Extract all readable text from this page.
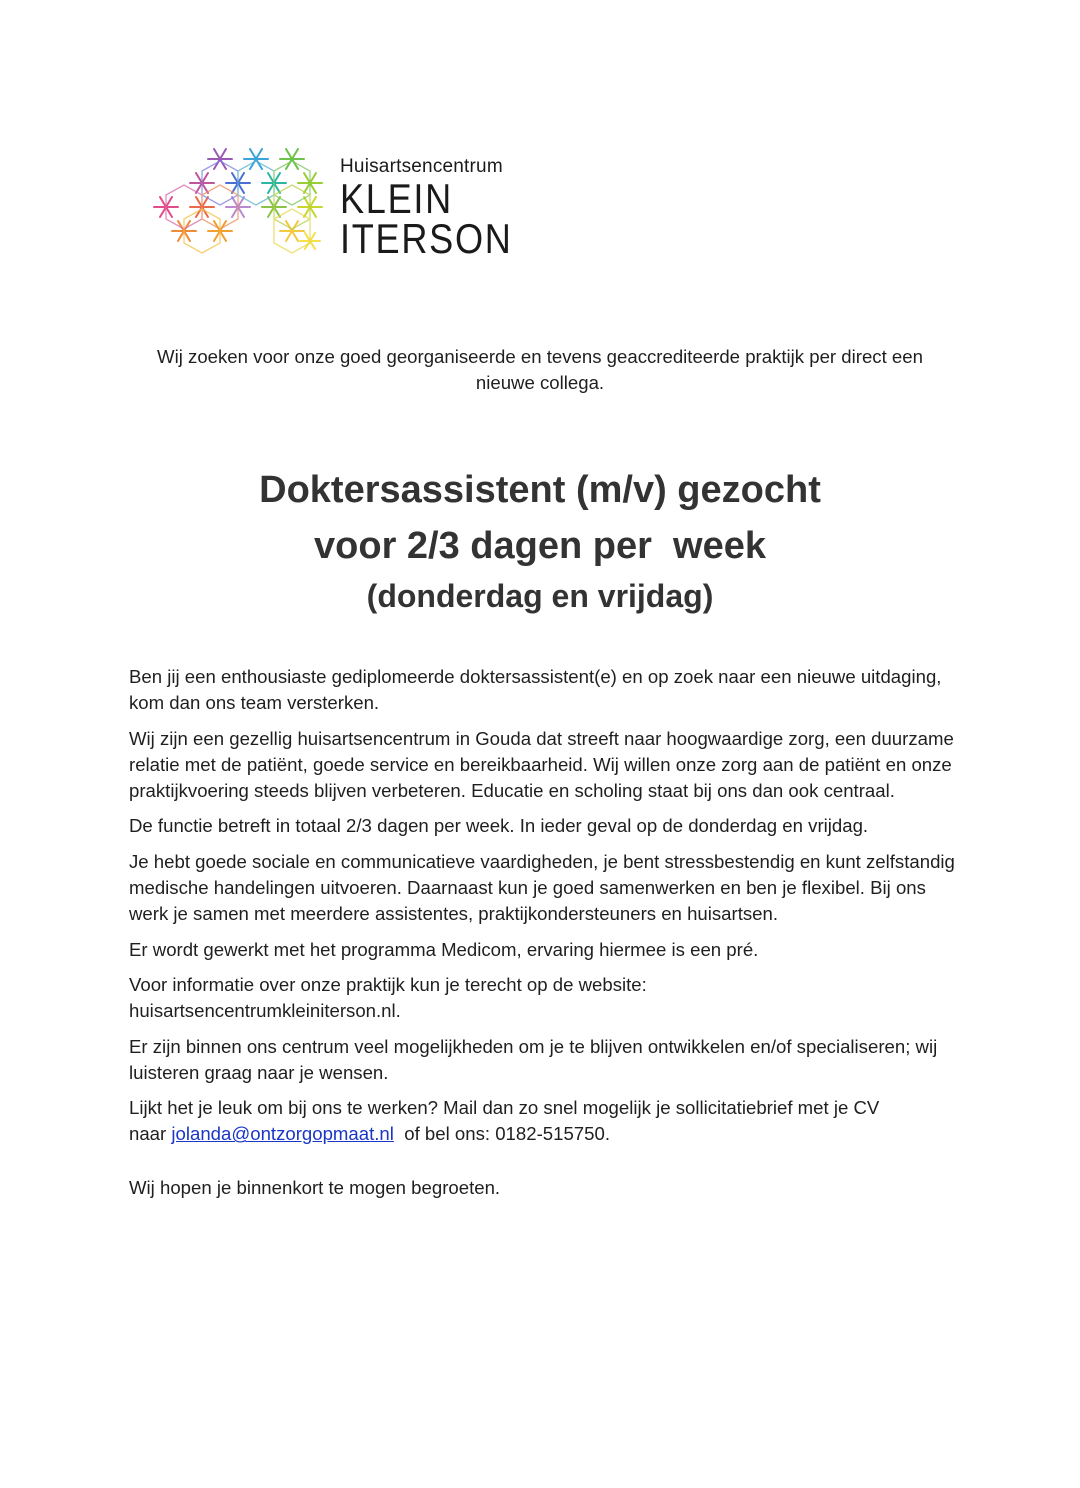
Huisartsencentrum
KLEIN
ITERSON
Wij zoeken voor onze goed georganiseerde en tevens geaccrediteerde praktijk per direct een
nieuwe collega.
Doktersassistent (m/v) gezocht
voor 2/3 dagen per  week
(donderdag en vrijdag)

Ben jij een enthousiaste gediplomeerde doktersassistent(e) en op zoek naar een nieuwe uitdaging, kom dan ons team versterken.

Wij zijn een gezellig huisartsencentrum in Gouda dat streeft naar hoogwaardige zorg, een duurzame relatie met de patiënt, goede service en bereikbaarheid. Wij willen onze zorg aan de patiënt en onze praktijkvoering steeds blijven verbeteren. Educatie en scholing staat bij ons dan ook centraal.

De functie betreft in totaal 2/3 dagen per week. In ieder geval op de donderdag en vrijdag.

Je hebt goede sociale en communicatieve vaardigheden, je bent stressbestendig en kunt zelfstandig medische handelingen uitvoeren. Daarnaast kun je goed samenwerken en ben je flexibel. Bij ons werk je samen met meerdere assistentes, praktijkondersteuners en huisartsen.

Er wordt gewerkt met het programma Medicom, ervaring hiermee is een pré.

Voor informatie over onze praktijk kun je terecht op de website:
huisartsencentrumkleiniterson.nl.

Er zijn binnen ons centrum veel mogelijkheden om je te blijven ontwikkelen en/of specialiseren; wij luisteren graag naar je wensen.

Lijkt het je leuk om bij ons te werken? Mail dan zo snel mogelijk je sollicitatiebrief met je CV
naar jolanda@ontzorgopmaat.nl  of bel ons: 0182-515750.

Wij hopen je binnenkort te mogen begroeten.
